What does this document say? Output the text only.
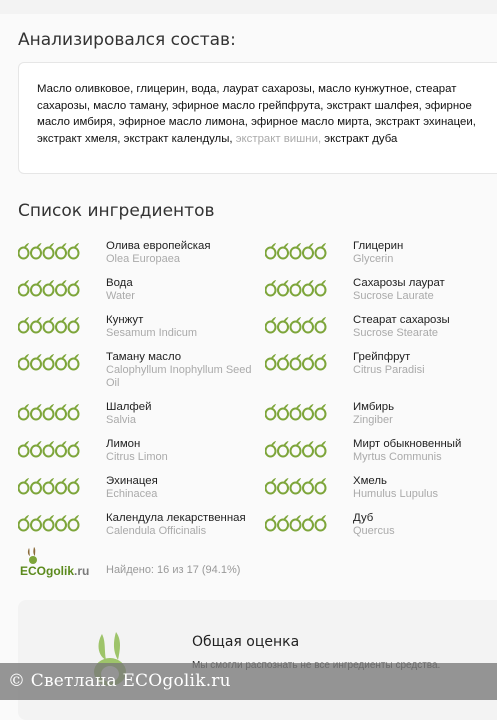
Анализировался состав:
Масло оливковое, глицерин, вода, лаурат сахарозы, масло кунжутное, стеарат сахарозы, масло таману, эфирное масло грейпфрута, экстракт шалфея, эфирное масло имбиря, эфирное масло лимона, эфирное масло мирта, экстракт эхинацеи, экстракт хмеля, экстракт календулы, экстракт вишни, экстракт дуба
Список ингредиентов
Олива европейская
Olea Europaea
Глицерин
Glycerin
Вода
Water
Сахарозы лаурат
Sucrose Laurate
Кунжут
Sesamum Indicum
Стеарат сахарозы
Sucrose Stearate
Таману масло
Calophyllum Inophyllum Seed Oil
Грейпфрут
Citrus Paradisi
Шалфей
Salvia
Имбирь
Zingiber
Лимон
Citrus Limon
Мирт обыкновенный
Myrtus Communis
Эхинацея
Echinacea
Хмель
Humulus Lupulus
Календула лекарственная
Calendula Officinalis
Дуб
Quercus
ECOgolik.ru Найдено: 16 из 17 (94.1%)
Общая оценка
© Светлана ECOgolik.ru
